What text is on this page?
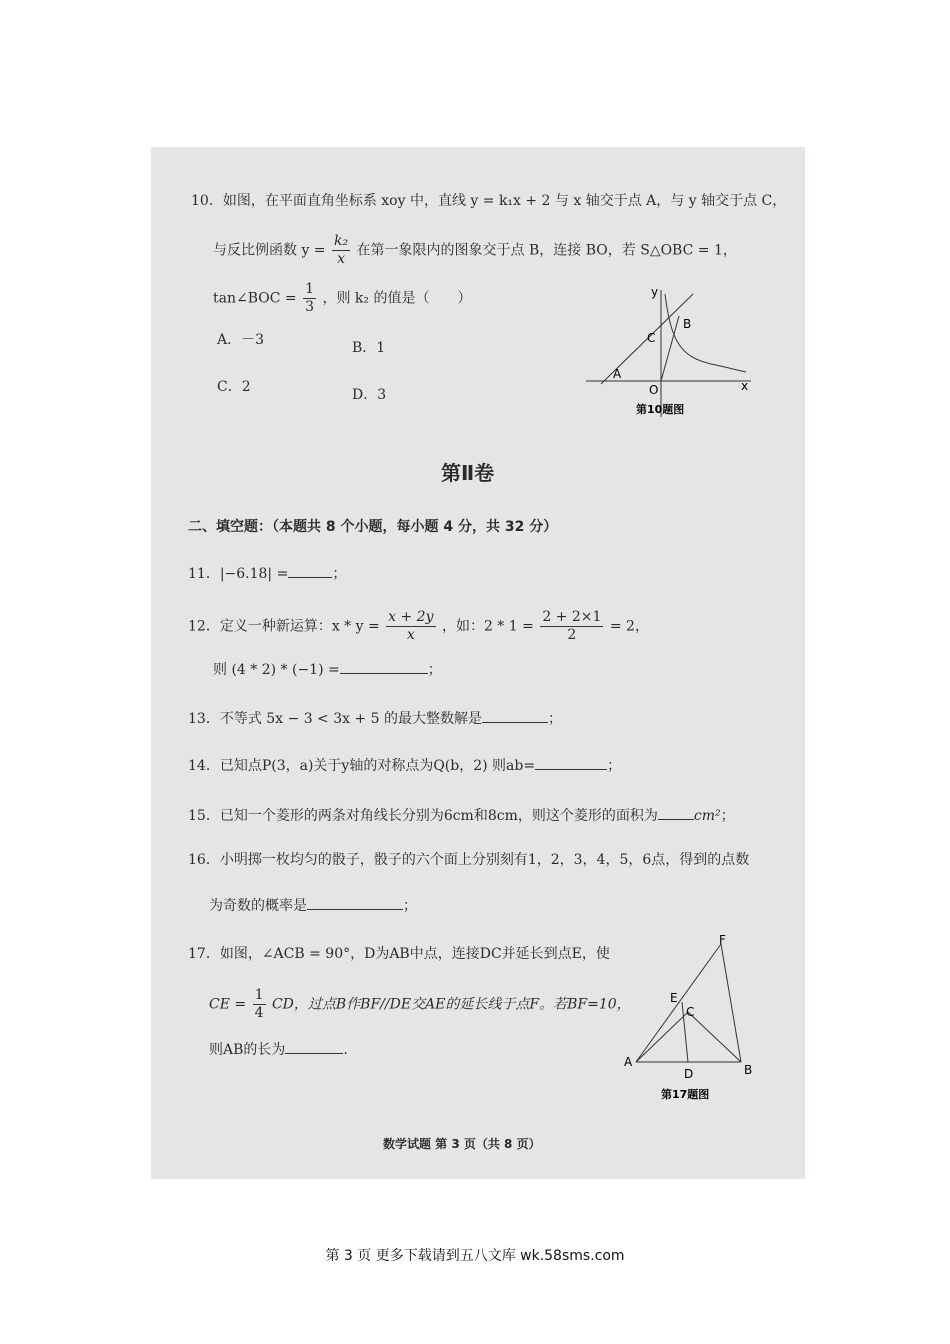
10．如图，在平面直角坐标系 xoy 中，直线 y = k₁x + 2 与 x 轴交于点 A，与 y 轴交于点 C，
与反比例函数 $y = \frac{\text{k₂}}{x}$ 在第一象限内的图象交于点 B，连接 BO，若 S△OBC = 1，
tan∠BOC = $\frac{1}{3}$ ，则 k₂ 的值是（　　）
A．－3	B．1
C．2	D．3
y
x
C
B
A
O
第10题图
第Ⅱ卷
二、填空题：（本题共 8 个小题，每小题 4 分，共 32 分）
11．|−6.18| =	；
12．定义一种新运算：$x * y = \frac{x + 2y}{x}$ ，如：$2 * 1 = \frac{2 + 2\times 1}{2} = 2$，
则 (4 * 2) * (−1) =	；
13．不等式 5x − 3 < 3x + 5 的最大整数解是	；
14．已知点P(3，a)关于y轴的对称点为Q(b，2) 则ab=	；
15．已知一个菱形的两条对角线长分别为6cm和8cm，则这个菱形的面积为	cm²；
16．小明掷一枚均匀的骰子，骰子的六个面上分别刻有1，2，3，4，5，6点，得到的点数
为奇数的概率是	；
17．如图，∠ACB = 90°，D为AB中点，连接DC并延长到点E，使
CE = $\frac{1}{4}$ CD，过点B作BF//DE交AE的延长线于点F。若BF=10，
则AB的长为	.
F
E
C
A
D	B
第17题图
数学试题 第 3 页（共 8 页）
第 3 页 更多下载请到五八文库 wk.58sms.com
